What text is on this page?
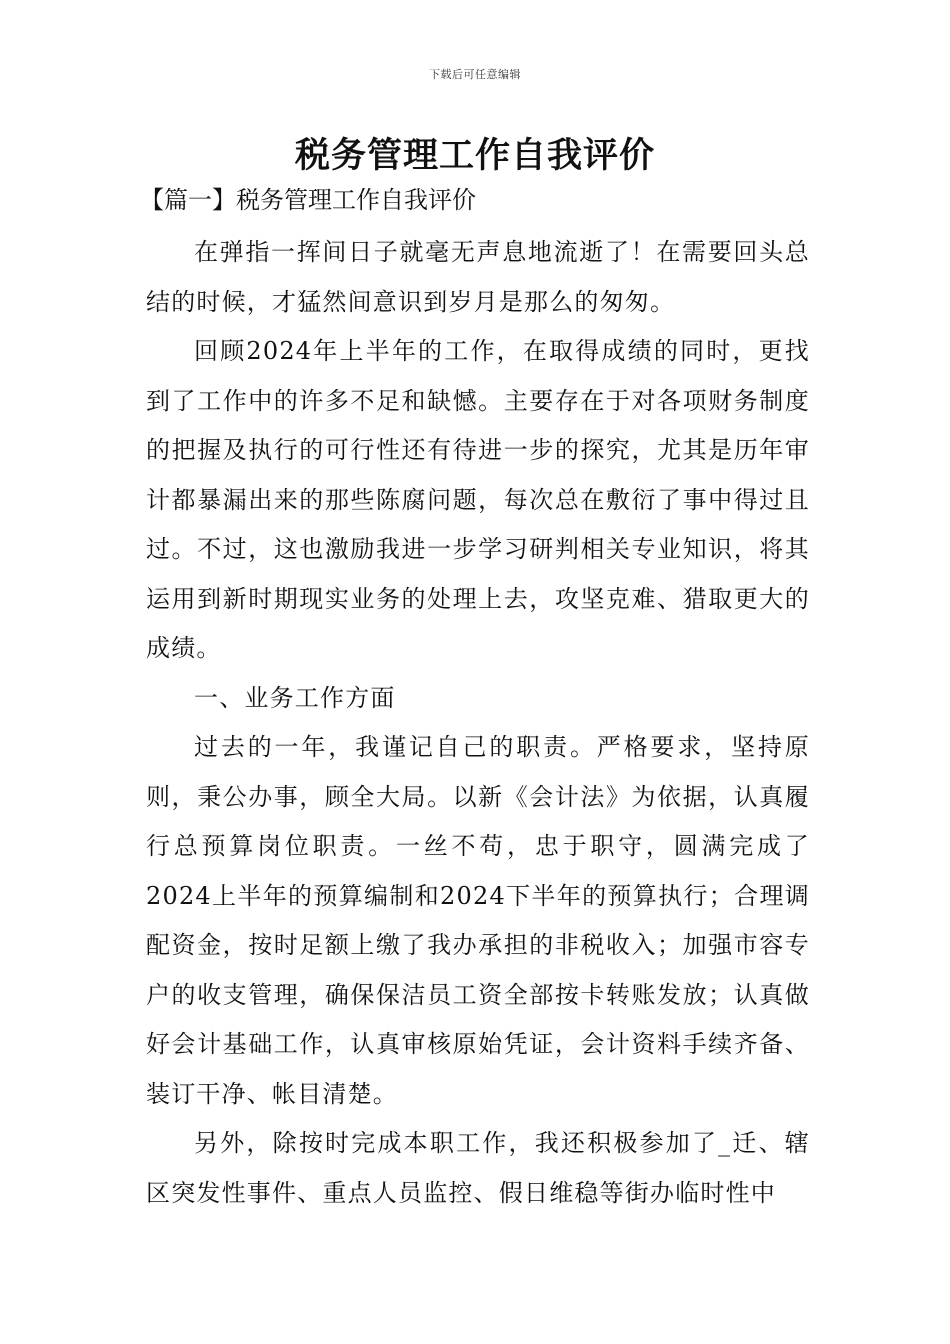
下载后可任意编辑
税务管理工作自我评价
【篇一】税务管理工作自我评价

在弹指一挥间日子就毫无声息地流逝了！在需要回头总结的时候，才猛然间意识到岁月是那么的匆匆。

回顾2024年上半年的工作，在取得成绩的同时，更找到了工作中的许多不足和缺憾。主要存在于对各项财务制度的把握及执行的可行性还有待进一步的探究，尤其是历年审计都暴漏出来的那些陈腐问题，每次总在敷衍了事中得过且过。不过，这也激励我进一步学习研判相关专业知识，将其运用到新时期现实业务的处理上去，攻坚克难、猎取更大的成绩。

一、业务工作方面

过去的一年，我谨记自己的职责。严格要求，坚持原则，秉公办事，顾全大局。以新《会计法》为依据，认真履行总预算岗位职责。一丝不苟，忠于职守，圆满完成了2024上半年的预算编制和2024下半年的预算执行；合理调配资金，按时足额上缴了我办承担的非税收入；加强市容专户的收支管理，确保保洁员工资全部按卡转账发放；认真做好会计基础工作，认真审核原始凭证，会计资料手续齐备、装订干净、帐目清楚。

另外，除按时完成本职工作，我还积极参加了_迁、辖区突发性事件、重点人员监控、假日维稳等街办临时性中
